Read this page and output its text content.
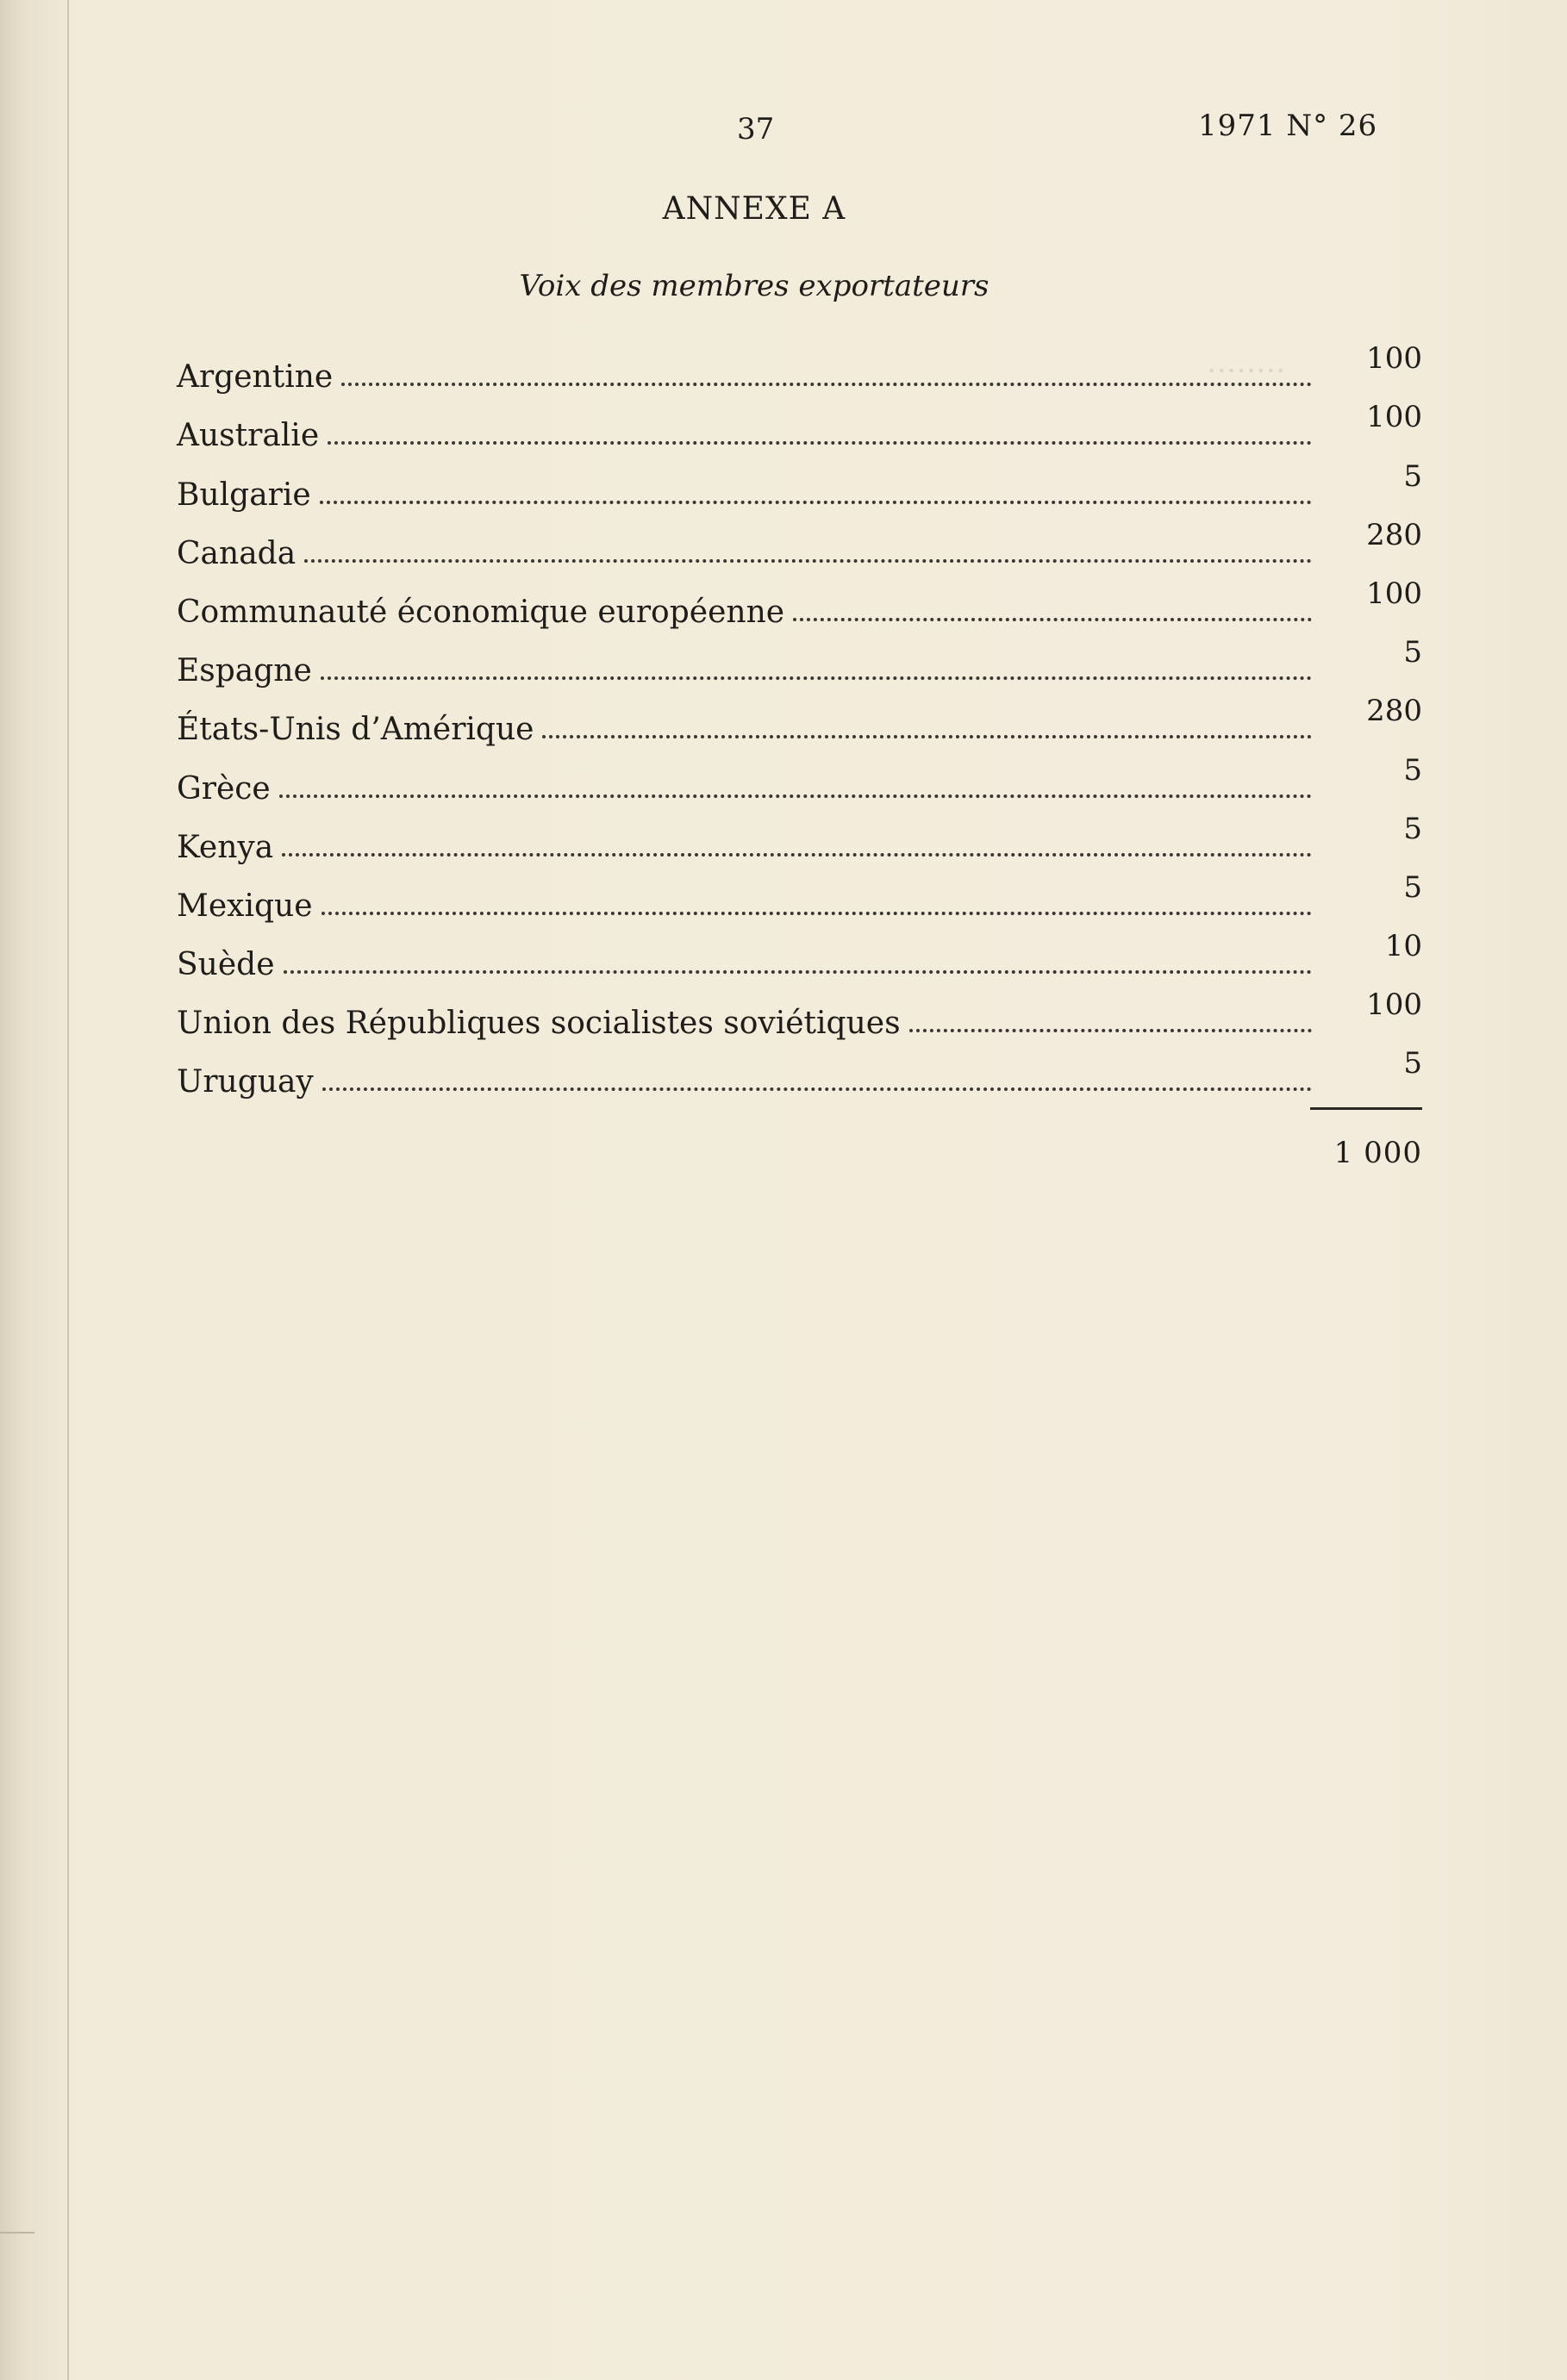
........
37	1971 N° 26
ANNEXE A
Voix des membres exportateurs
Argentine
100
Australie
100
Bulgarie
5
Canada
280
Communauté économique européenne
100
Espagne
5
États-Unis d’Amérique
280
Grèce
5
Kenya
5
Mexique
5
Suède
10
Union des Républiques socialistes soviétiques
100
Uruguay
5
1 000
